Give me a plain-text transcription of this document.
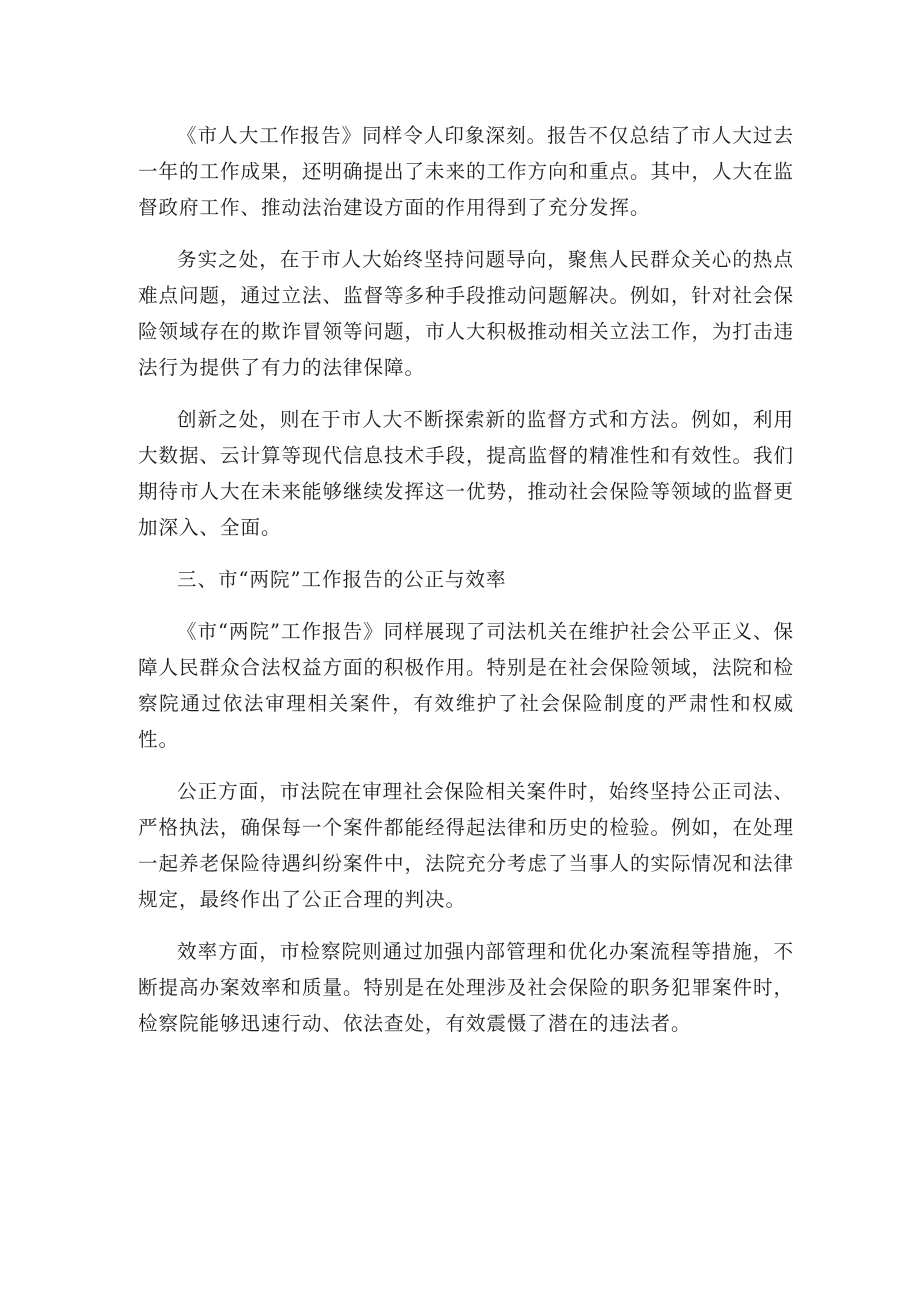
《市人大工作报告》同样令人印象深刻。报告不仅总结了市人大过去一年的工作成果，还明确提出了未来的工作方向和重点。其中，人大在监督政府工作、推动法治建设方面的作用得到了充分发挥。

务实之处，在于市人大始终坚持问题导向，聚焦人民群众关心的热点难点问题，通过立法、监督等多种手段推动问题解决。例如，针对社会保险领域存在的欺诈冒领等问题，市人大积极推动相关立法工作，为打击违法行为提供了有力的法律保障。

创新之处，则在于市人大不断探索新的监督方式和方法。例如，利用大数据、云计算等现代信息技术手段，提高监督的精准性和有效性。我们期待市人大在未来能够继续发挥这一优势，推动社会保险等领域的监督更加深入、全面。

三、市“两院”工作报告的公正与效率

《市“两院”工作报告》同样展现了司法机关在维护社会公平正义、保障人民群众合法权益方面的积极作用。特别是在社会保险领域，法院和检察院通过依法审理相关案件，有效维护了社会保险制度的严肃性和权威性。

公正方面，市法院在审理社会保险相关案件时，始终坚持公正司法、严格执法，确保每一个案件都能经得起法律和历史的检验。例如，在处理一起养老保险待遇纠纷案件中，法院充分考虑了当事人的实际情况和法律规定，最终作出了公正合理的判决。

效率方面，市检察院则通过加强内部管理和优化办案流程等措施，不断提高办案效率和质量。特别是在处理涉及社会保险的职务犯罪案件时，检察院能够迅速行动、依法查处，有效震慑了潜在的违法者。
